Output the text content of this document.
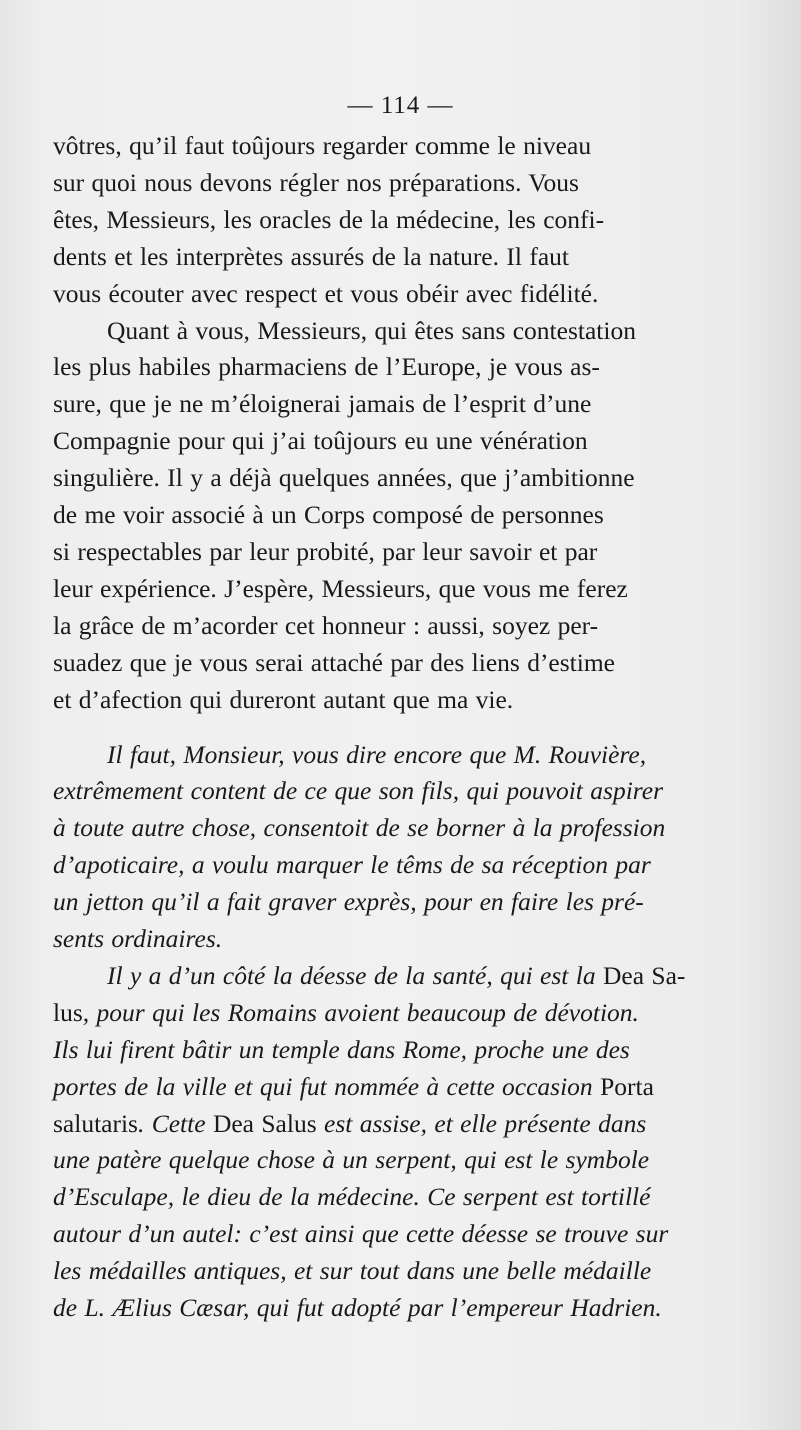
— 114 —

vôtres, qu’il faut toûjours regarder comme le niveau
sur quoi nous devons régler nos préparations. Vous
êtes, Messieurs, les oracles de la médecine, les confi-
dents et les interprètes assurés de la nature. Il faut
vous écouter avec respect et vous obéir avec fidélité.

Quant à vous, Messieurs, qui êtes sans contestation
les plus habiles pharmaciens de l’Europe, je vous as-
sure, que je ne m’éloignerai jamais de l’esprit d’une
Compagnie pour qui j’ai toûjours eu une vénération
singulière. Il y a déjà quelques années, que j’ambitionne
de me voir associé à un Corps composé de personnes
si respectables par leur probité, par leur savoir et par
leur expérience. J’espère, Messieurs, que vous me ferez
la grâce de m’acorder cet honneur : aussi, soyez per-
suadez que je vous serai attaché par des liens d’estime
et d’afection qui dureront autant que ma vie.

Il faut, Monsieur, vous dire encore que M. Rouvière,
extrêmement content de ce que son fils, qui pouvoit aspirer
à toute autre chose, consentoit de se borner à la profession
d’apoticaire, a voulu marquer le têms de sa réception par
un jetton qu’il a fait graver exprès, pour en faire les pré-
sents ordinaires.

Il y a d’un côté la déesse de la santé, qui est la Dea Sa-
lus, pour qui les Romains avoient beaucoup de dévotion.
Ils lui firent bâtir un temple dans Rome, proche une des
portes de la ville et qui fut nommée à cette occasion Porta
salutaris. Cette Dea Salus est assise, et elle présente dans
une patère quelque chose à un serpent, qui est le symbole
d’Esculape, le dieu de la médecine. Ce serpent est tortillé
autour d’un autel: c’est ainsi que cette déesse se trouve sur
les médailles antiques, et sur tout dans une belle médaille
de L. Ælius Cæsar, qui fut adopté par l’empereur Hadrien.
